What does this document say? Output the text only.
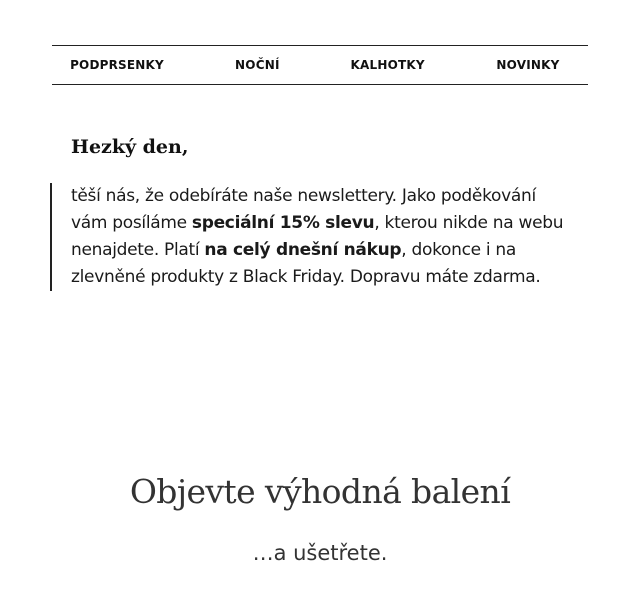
PODPRSENKY	NOČNÍ	KALHOTKY	NOVINKY
Hezký den,
těší nás, že odebíráte naše newslettery. Jako poděkování vám posíláme speciální 15% slevu, kterou nikde na webu nenajdete. Platí na celý dnešní nákup, dokonce i na zlevněné produkty z Black Friday. Dopravu máte zdarma.
Objevte výhodná balení
…a ušetřete.
